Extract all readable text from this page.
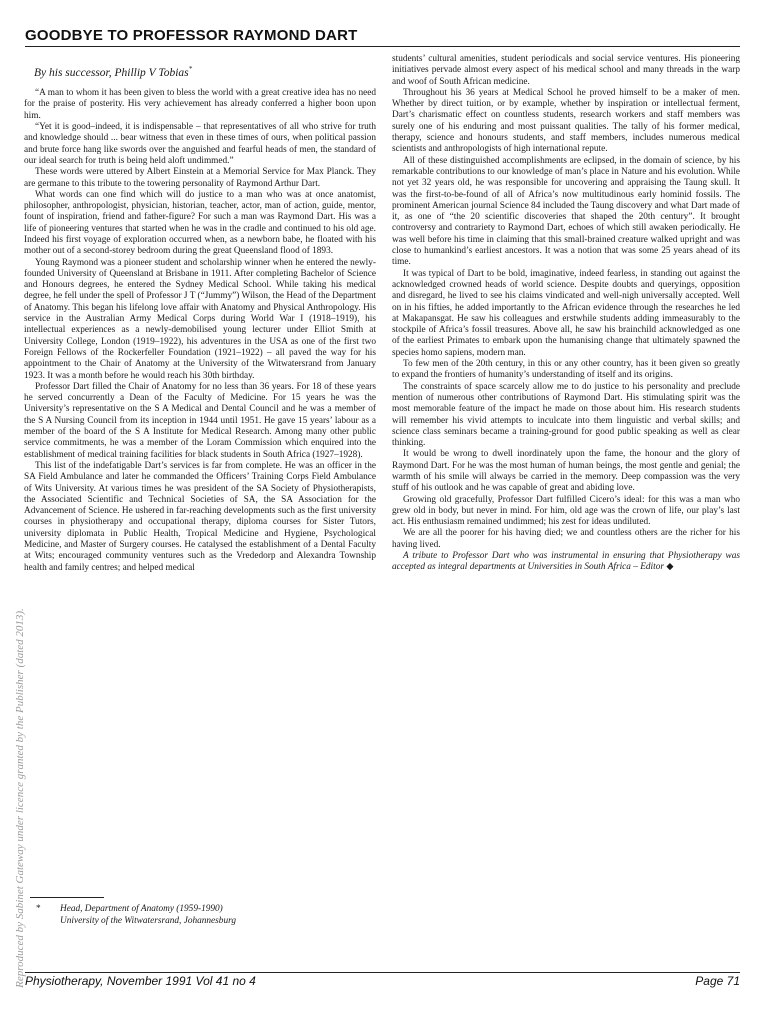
GOODBYE TO PROFESSOR RAYMOND DART
By his successor, Phillip V Tobias*

“A man to whom it has been given to bless the world with a great creative idea has no need for the praise of posterity. His very achievement has already conferred a higher boon upon him.

“Yet it is good–indeed, it is indispensable – that representatives of all who strive for truth and knowledge should ... bear witness that even in these times of ours, when political passion and brute force hang like swords over the anguished and fearful heads of men, the standard of our ideal search for truth is being held aloft undimmed.”

These words were uttered by Albert Einstein at a Memorial Service for Max Planck. They are germane to this tribute to the towering personality of Raymond Arthur Dart.

What words can one find which will do justice to a man who was at once anatomist, philosopher, anthropologist, physician, historian, teacher, actor, man of action, guide, mentor, fount of inspiration, friend and father-figure? For such a man was Raymond Dart. His was a life of pioneering ventures that started when he was in the cradle and continued to his old age. Indeed his first voyage of exploration occurred when, as a newborn babe, he floated with his mother out of a second-storey bedroom during the great Queensland flood of 1893.

Young Raymond was a pioneer student and scholarship winner when he entered the newly-founded University of Queensland at Brisbane in 1911. After completing Bachelor of Science and Honours degrees, he entered the Sydney Medical School. While taking his medical degree, he fell under the spell of Professor J T (“Jummy”) Wilson, the Head of the Department of Anatomy. This began his lifelong love affair with Anatomy and Physical Anthropology. His service in the Australian Army Medical Corps during World War I (1918–1919), his intellectual experiences as a newly-demobilised young lecturer under Elliot Smith at University College, London (1919–1922), his adventures in the USA as one of the first two Foreign Fellows of the Rockerfeller Foundation (1921–1922) – all paved the way for his appointment to the Chair of Anatomy at the University of the Witwatersrand from January 1923. It was a month before he would reach his 30th birthday.

Professor Dart filled the Chair of Anatomy for no less than 36 years. For 18 of these years he served concurrently a Dean of the Faculty of Medicine. For 15 years he was the University’s representative on the S A Medical and Dental Council and he was a member of the S A Nursing Council from its inception in 1944 until 1951. He gave 15 years’ labour as a member of the board of the S A Institute for Medical Research. Among many other public service commitments, he was a member of the Loram Commission which enquired into the establishment of medical training facilities for black students in South Africa (1927–1928).

This list of the indefatigable Dart’s services is far from complete. He was an officer in the SA Field Ambulance and later he commanded the Officers’ Training Corps Field Ambulance of Wits University. At various times he was president of the SA Society of Physiotherapists, the Associated Scientific and Technical Societies of SA, the SA Association for the Advancement of Science. He ushered in far-reaching developments such as the first university courses in physiotherapy and occupational therapy, diploma courses for Sister Tutors, university diplomata in Public Health, Tropical Medicine and Hygiene, Psychological Medicine, and Master of Surgery courses. He catalysed the establishment of a Dental Faculty at Wits; encouraged community ventures such as the Vrededorp and Alexandra Township health and family centres; and helped medical

students’ cultural amenities, student periodicals and social service ventures. His pioneering initiatives pervade almost every aspect of his medical school and many threads in the warp and woof of South African medicine.

Throughout his 36 years at Medical School he proved himself to be a maker of men. Whether by direct tuition, or by example, whether by inspiration or intellectual ferment, Dart’s charismatic effect on countless students, research workers and staff members was surely one of his enduring and most puissant qualities. The tally of his former medical, therapy, science and honours students, and staff members, includes numerous medical scientists and anthropologists of high international repute.

All of these distinguished accomplishments are eclipsed, in the domain of science, by his remarkable contributions to our knowledge of man’s place in Nature and his evolution. While not yet 32 years old, he was responsible for uncovering and appraising the Taung skull. It was the first-to-be-found of all of Africa’s now multitudinous early hominid fossils. The prominent American journal Science 84 included the Taung discovery and what Dart made of it, as one of “the 20 scientific discoveries that shaped the 20th century”. It brought controversy and contrariety to Raymond Dart, echoes of which still awaken periodically. He was well before his time in claiming that this small-brained creature walked upright and was close to humankind’s earliest ancestors. It was a notion that was some 25 years ahead of its time.

It was typical of Dart to be bold, imaginative, indeed fearless, in standing out against the acknowledged crowned heads of world science. Despite doubts and queryings, opposition and disregard, he lived to see his claims vindicated and well-nigh universally accepted. Well on in his fifties, he added importantly to the African evidence through the researches he led at Makapansgat. He saw his colleagues and erstwhile students adding immeasurably to the stockpile of Africa’s fossil treasures. Above all, he saw his brainchild acknowledged as one of the earliest Primates to embark upon the humanising change that ultimately spawned the species homo sapiens, modern man.

To few men of the 20th century, in this or any other country, has it been given so greatly to expand the frontiers of humanity’s understanding of itself and its origins.

The constraints of space scarcely allow me to do justice to his personality and preclude mention of numerous other contributions of Raymond Dart. His stimulating spirit was the most memorable feature of the impact he made on those about him. His research students will remember his vivid attempts to inculcate into them linguistic and verbal skills; and science class seminars became a training-ground for good public speaking as well as clear thinking.

It would be wrong to dwell inordinately upon the fame, the honour and the glory of Raymond Dart. For he was the most human of human beings, the most gentle and genial; the warmth of his smile will always be carried in the memory. Deep compassion was the very stuff of his outlook and he was capable of great and abiding love.

Growing old gracefully, Professor Dart fulfilled Cicero’s ideal: for this was a man who grew old in body, but never in mind. For him, old age was the crown of life, our play’s last act. His enthusiasm remained undimmed; his zest for ideas undiluted.

We are all the poorer for his having died; we and countless others are the richer for his having lived.

A tribute to Professor Dart who was instrumental in ensuring that Physiotherapy was accepted as integral departments at Universities in South Africa – Editor ◆

* Head, Department of Anatomy (1959-1990)
University of the Witwatersrand, Johannesburg
Physiotherapy, November 1991 Vol 41 no 4	Page 71
Reproduced by Sabinet Gateway under licence granted by the Publisher (dated 2013).
